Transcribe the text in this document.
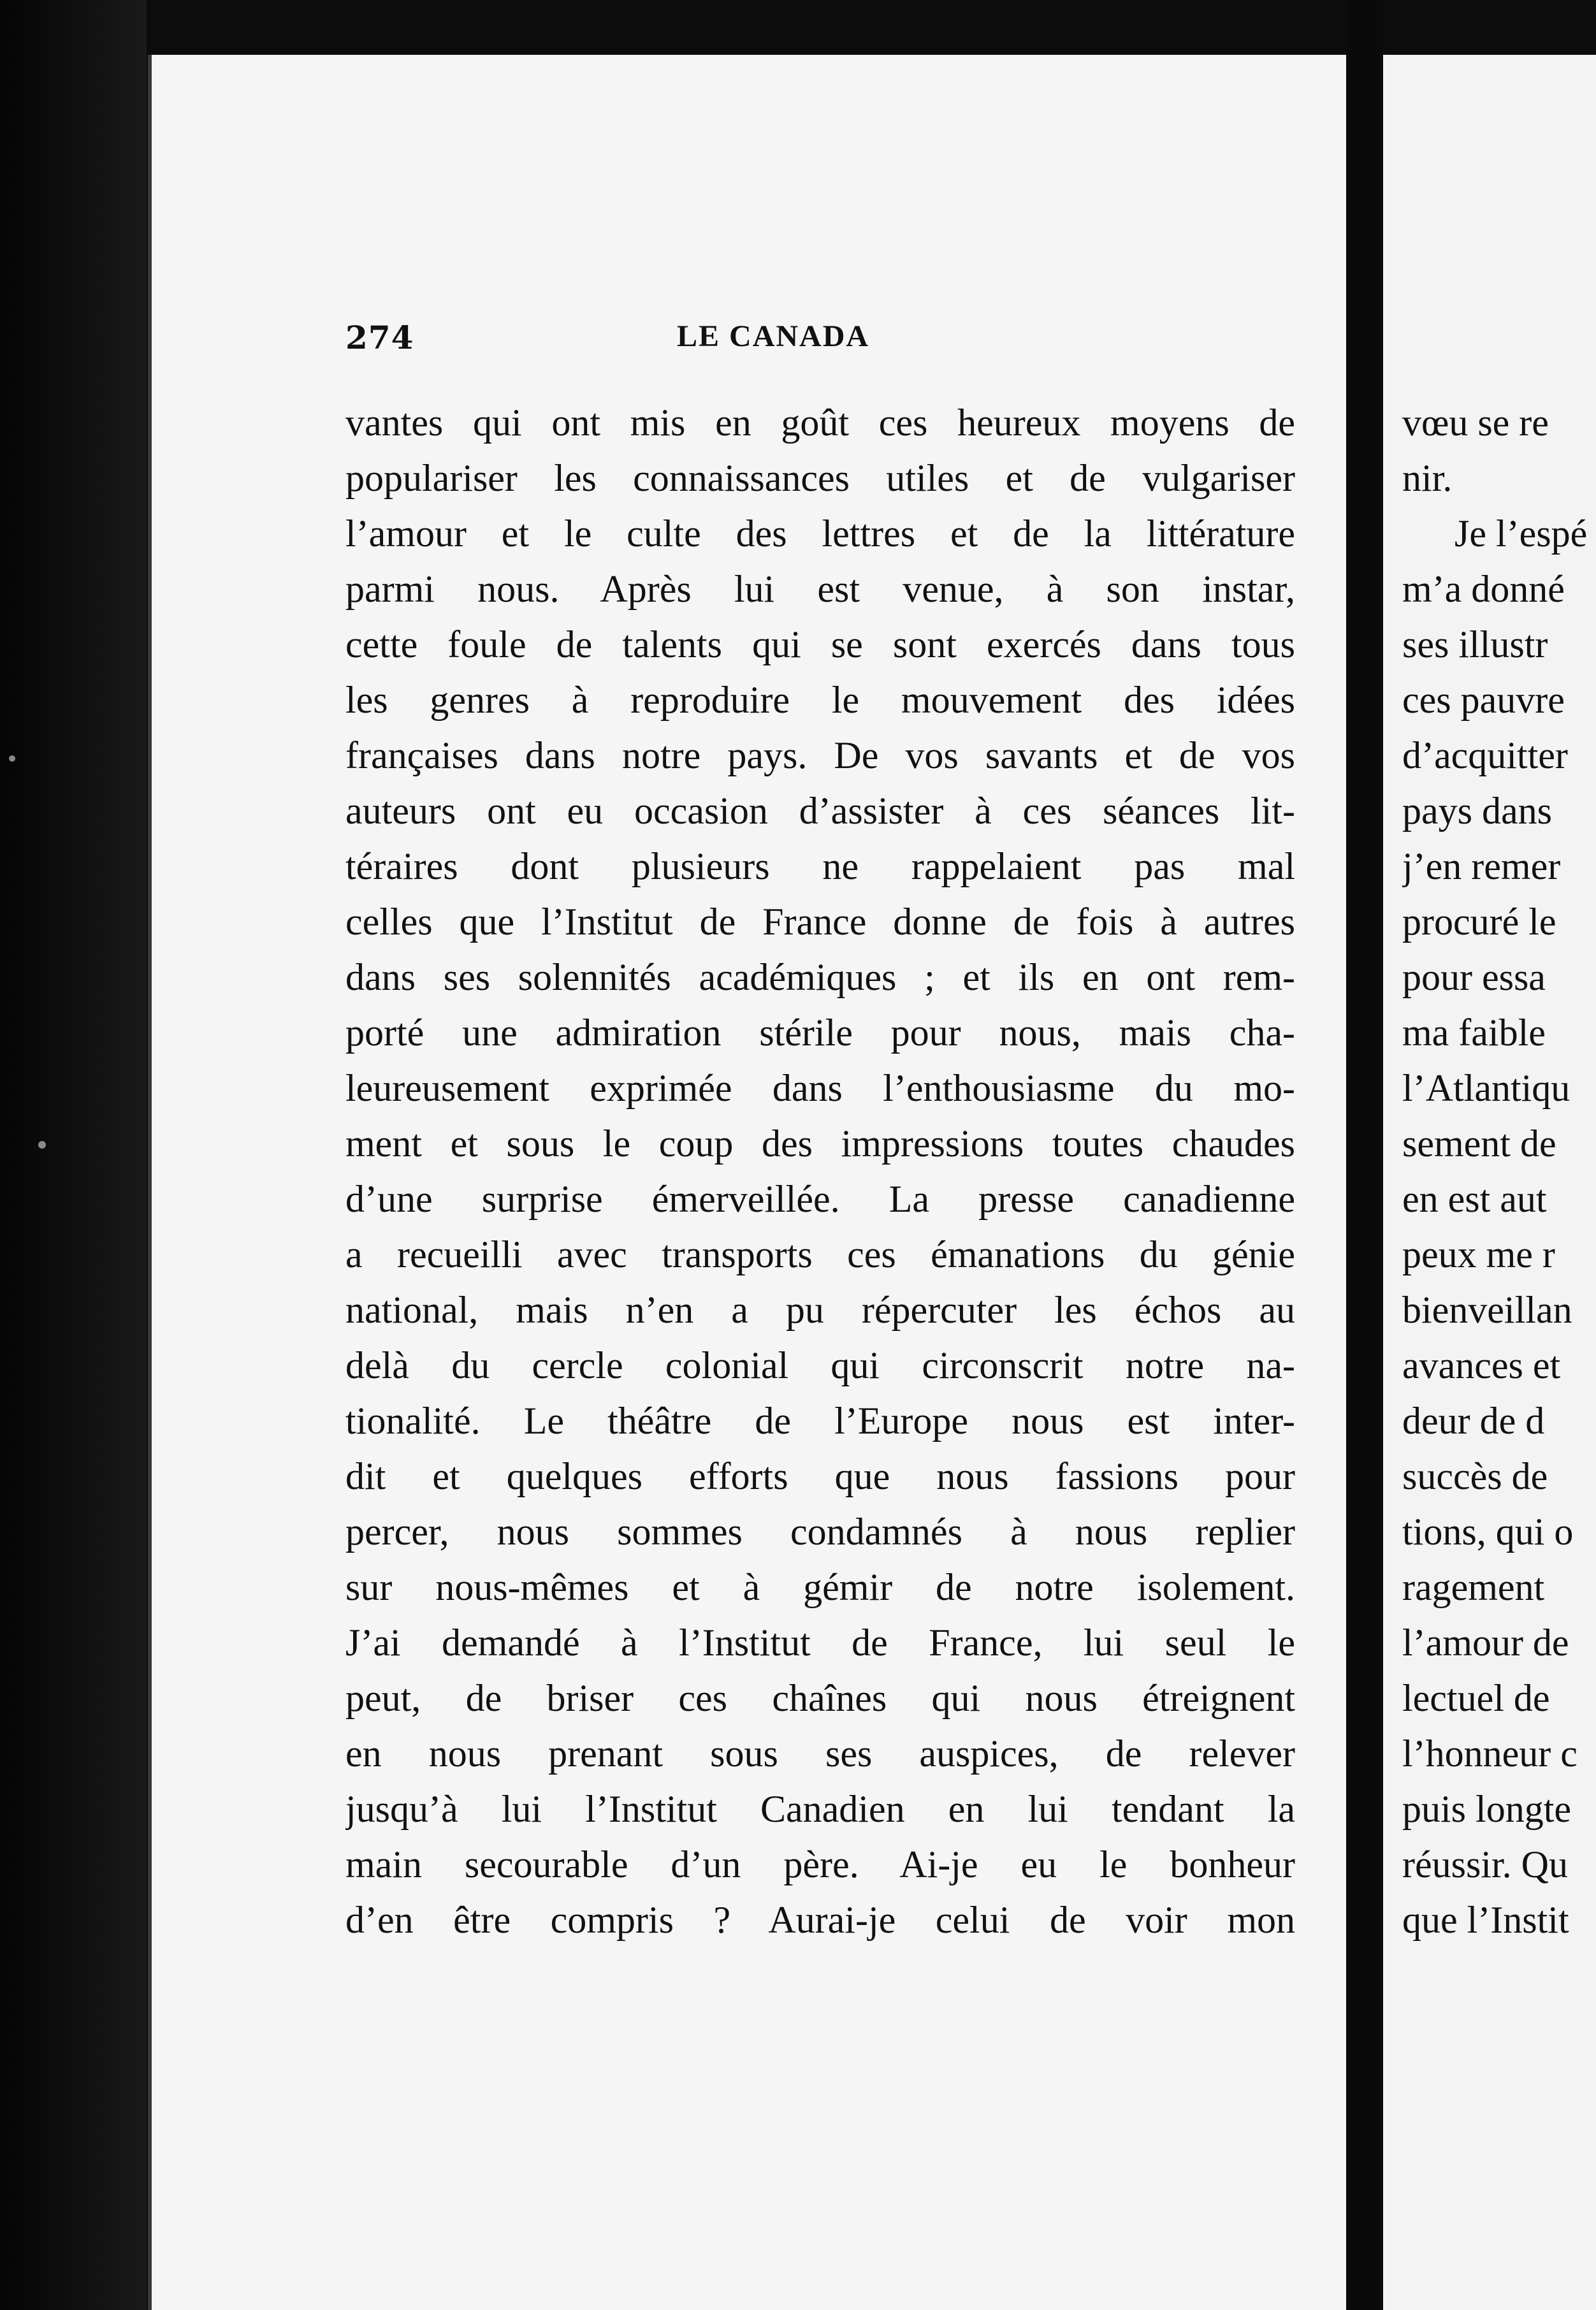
274	LE CANADA
vantes qui ont mis en goût ces heureux moyens de
populariser les connaissances utiles et de vulgariser
l’amour et le culte des lettres et de la littérature
parmi nous. Après lui est venue, à son instar,
cette foule de talents qui se sont exercés dans tous
les genres à reproduire le mouvement des idées
françaises dans notre pays. De vos savants et de vos
auteurs ont eu occasion d’assister à ces séances lit-
téraires dont plusieurs ne rappelaient pas mal
celles que l’Institut de France donne de fois à autres
dans ses solennités académiques ; et ils en ont rem-
porté une admiration stérile pour nous, mais cha-
leureusement exprimée dans l’enthousiasme du mo-
ment et sous le coup des impressions toutes chaudes
d’une surprise émerveillée. La presse canadienne
a recueilli avec transports ces émanations du génie
national, mais n’en a pu répercuter les échos au
delà du cercle colonial qui circonscrit notre na-
tionalité. Le théâtre de l’Europe nous est inter-
dit et quelques efforts que nous fassions pour
percer, nous sommes condamnés à nous replier
sur nous-mêmes et à gémir de notre isolement.
J’ai demandé à l’Institut de France, lui seul le
peut, de briser ces chaînes qui nous étreignent
en nous prenant sous ses auspices, de relever
jusqu’à lui l’Institut Canadien en lui tendant la
main secourable d’un père. Ai-je eu le bonheur
d’en être compris ? Aurai-je celui de voir mon
vœu se re
nir.
Je l’espé
m’a donné
ses illustr
ces pauvre
d’acquitter
pays dans
j’en remer
procuré le
pour essa
ma faible
l’Atlantiqu
sement de
en est aut
peux me r
bienveillan
avances et
deur de d
succès de
tions, qui o
ragement
l’amour de
lectuel de
l’honneur c
puis longte
réussir. Qu
que l’Instit
